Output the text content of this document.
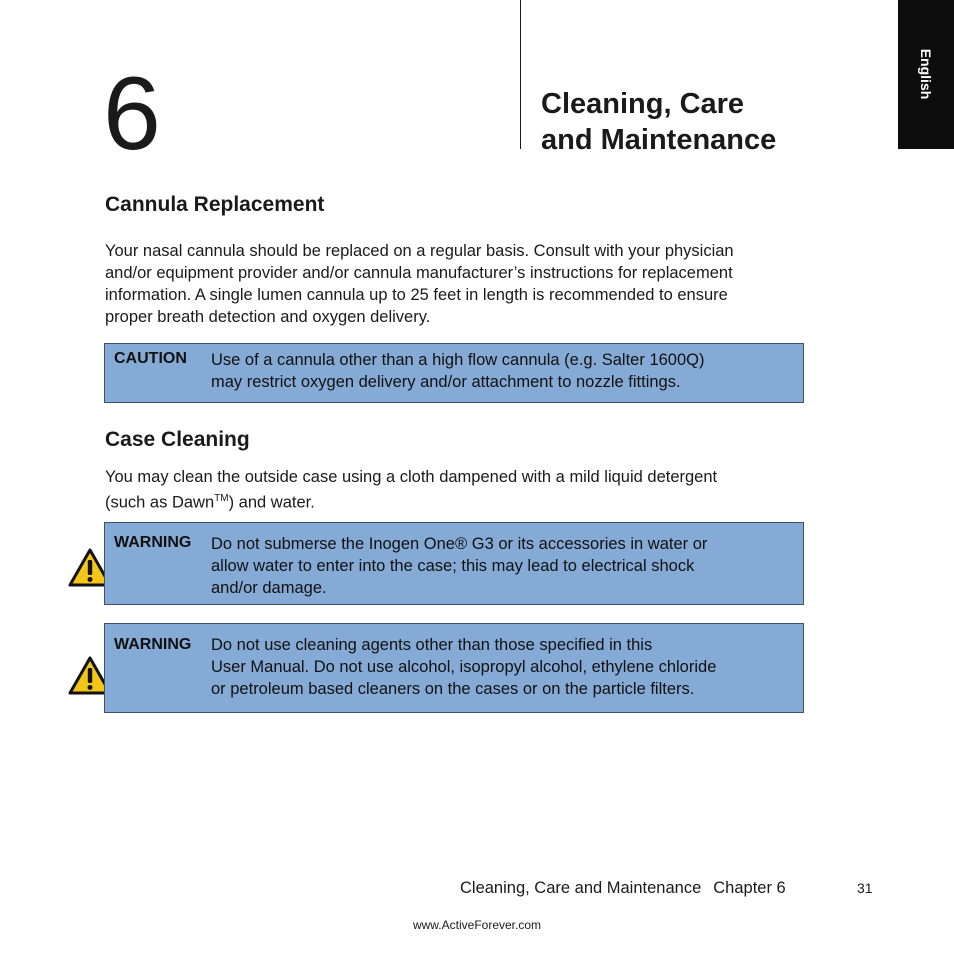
6	Cleaning, Care
and Maintenance
English
Cannula Replacement

Your nasal cannula should be replaced on a regular basis. Consult with your physician
and/or equipment provider and/or cannula manufacturer’s instructions for replacement
information. A single lumen cannula up to 25 feet in length is recommended to ensure
proper breath detection and oxygen delivery.

CAUTION Use of a cannula other than a high flow cannula (e.g. Salter 1600Q)
may restrict oxygen delivery and/or attachment to nozzle fittings.
Case Cleaning

You may clean the outside case using a cloth dampened with a mild liquid detergent
(such as Dawn™) and water.

WARNING Do not submerse the Inogen One® G3 or its accessories in water or
allow water to enter into the case; this may lead to electrical shock
and/or damage.
WARNING Do not use cleaning agents other than those specified in this
User Manual. Do not use alcohol, isopropyl alcohol, ethylene chloride
or petroleum based cleaners on the cases or on the particle filters.
Cleaning, Care and Maintenance Chapter 6	31
www.ActiveForever.com
